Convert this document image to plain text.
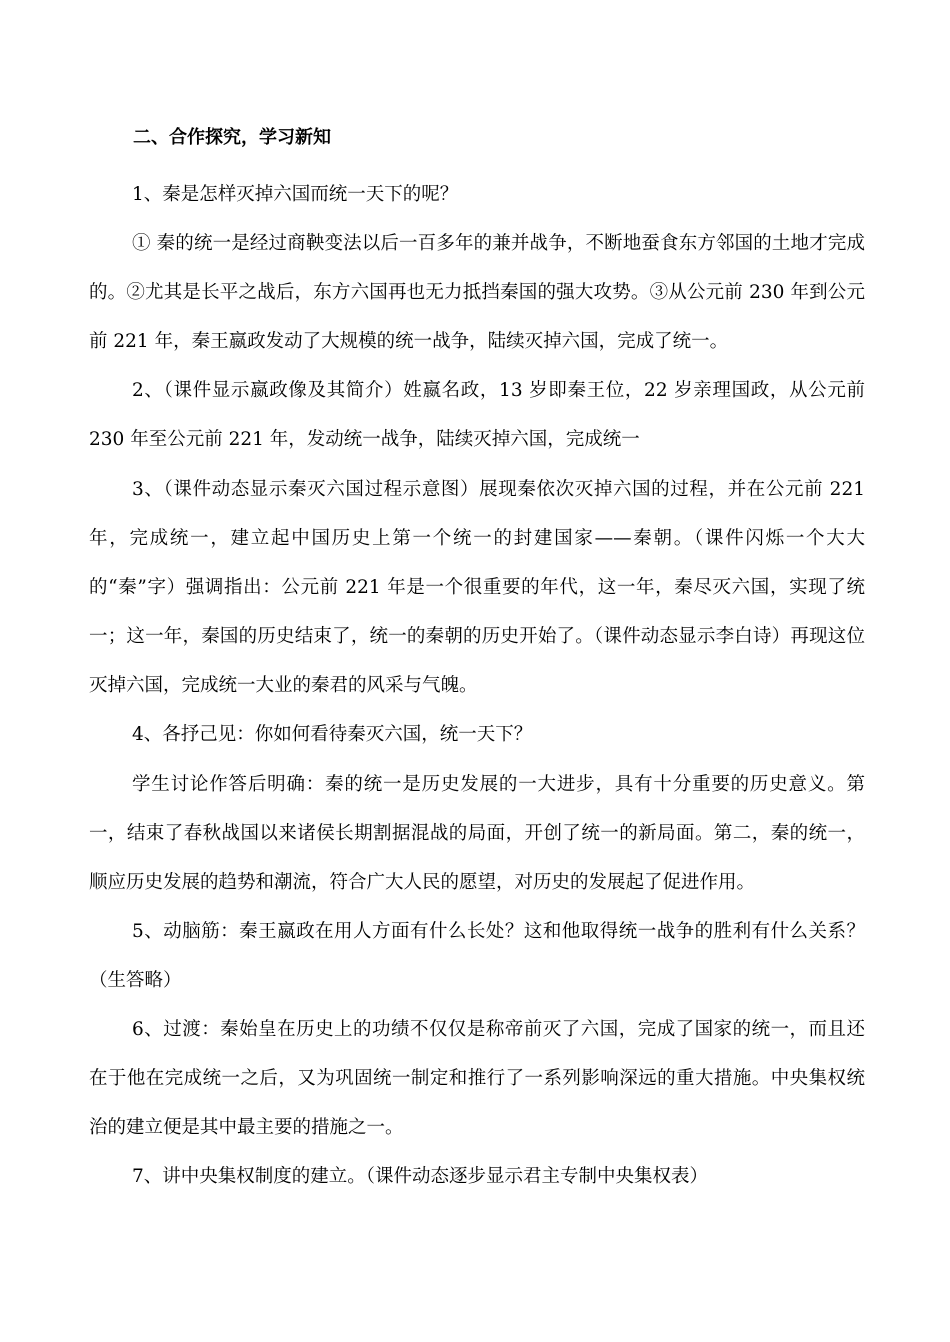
二、合作探究，学习新知

1、秦是怎样灭掉六国而统一天下的呢？

① 秦的统一是经过商鞅变法以后一百多年的兼并战争，不断地蚕食东方邻国的土地才完成的。②尤其是长平之战后，东方六国再也无力抵挡秦国的强大攻势。③从公元前 230 年到公元前 221 年，秦王嬴政发动了大规模的统一战争，陆续灭掉六国，完成了统一。

2、（课件显示嬴政像及其简介）姓嬴名政，13 岁即秦王位，22 岁亲理国政，从公元前 230 年至公元前 221 年，发动统一战争，陆续灭掉六国，完成统一

3、（课件动态显示秦灭六国过程示意图）展现秦依次灭掉六国的过程，并在公元前 221 年，完成统一，建立起中国历史上第一个统一的封建国家——秦朝。（课件闪烁一个大大的“秦”字）强调指出：公元前 221 年是一个很重要的年代，这一年，秦尽灭六国，实现了统一；这一年，秦国的历史结束了，统一的秦朝的历史开始了。（课件动态显示李白诗）再现这位灭掉六国，完成统一大业的秦君的风采与气魄。

4、各抒己见：你如何看待秦灭六国，统一天下？

学生讨论作答后明确：秦的统一是历史发展的一大进步，具有十分重要的历史意义。第一，结束了春秋战国以来诸侯长期割据混战的局面，开创了统一的新局面。第二，秦的统一，顺应历史发展的趋势和潮流，符合广大人民的愿望，对历史的发展起了促进作用。

5、动脑筋：秦王嬴政在用人方面有什么长处？这和他取得统一战争的胜利有什么关系？（生答略）

6、过渡：秦始皇在历史上的功绩不仅仅是称帝前灭了六国，完成了国家的统一，而且还在于他在完成统一之后，又为巩固统一制定和推行了一系列影响深远的重大措施。中央集权统治的建立便是其中最主要的措施之一。

7、讲中央集权制度的建立。（课件动态逐步显示君主专制中央集权表）
